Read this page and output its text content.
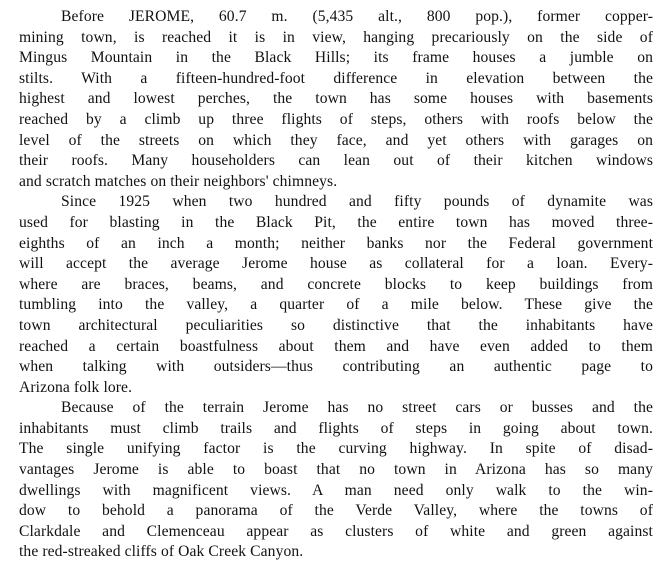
Before JEROME, 60.7 m. (5,435 alt., 800 pop.), former copper-
mining town, is reached it is in view, hanging precariously on the side of
Mingus Mountain in the Black Hills; its frame houses a jumble on
stilts. With a fifteen-hundred-foot difference in elevation between the
highest and lowest perches, the town has some houses with basements
reached by a climb up three flights of steps, others with roofs below the
level of the streets on which they face, and yet others with garages on
their roofs. Many householders can lean out of their kitchen windows
and scratch matches on their neighbors' chimneys.
Since 1925 when two hundred and fifty pounds of dynamite was
used for blasting in the Black Pit, the entire town has moved three-
eighths of an inch a month; neither banks nor the Federal government
will accept the average Jerome house as collateral for a loan. Every-
where are braces, beams, and concrete blocks to keep buildings from
tumbling into the valley, a quarter of a mile below. These give the
town architectural peculiarities so distinctive that the inhabitants have
reached a certain boastfulness about them and have even added to them
when talking with outsiders—thus contributing an authentic page to
Arizona folk lore.
Because of the terrain Jerome has no street cars or busses and the
inhabitants must climb trails and flights of steps in going about town.
The single unifying factor is the curving highway. In spite of disad-
vantages Jerome is able to boast that no town in Arizona has so many
dwellings with magnificent views. A man need only walk to the win-
dow to behold a panorama of the Verde Valley, where the towns of
Clarkdale and Clemenceau appear as clusters of white and green against
the red-streaked cliffs of Oak Creek Canyon.
